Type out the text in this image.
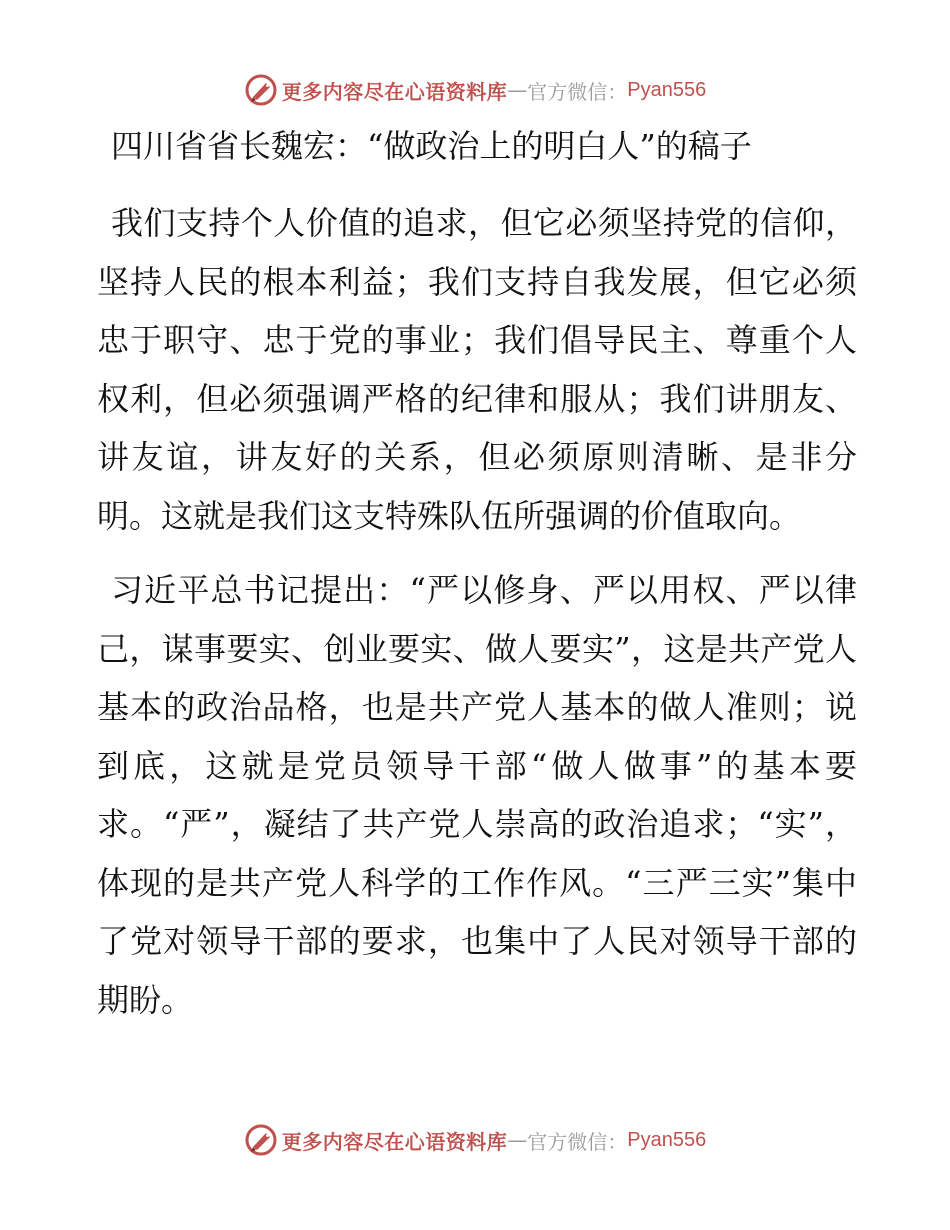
更多内容尽在心语资料库 — 官方微信： Pyan556
四川省省长魏宏：“做政治上的明白人”的稿子

我们支持个人价值的追求，但它必须坚持党的信仰，坚持人民的根本利益；我们支持自我发展，但它必须忠于职守、忠于党的事业；我们倡导民主、尊重个人权利，但必须强调严格的纪律和服从；我们讲朋友、讲友谊，讲友好的关系，但必须原则清晰、是非分明。这就是我们这支特殊队伍所强调的价值取向。

习近平总书记提出：“严以修身、严以用权、严以律己，谋事要实、创业要实、做人要实”，这是共产党人基本的政治品格，也是共产党人基本的做人准则；说到底，这就是党员领导干部“做人做事”的基本要求。“严”，凝结了共产党人崇高的政治追求；“实”，体现的是共产党人科学的工作作风。“三严三实”集中了党对领导干部的要求，也集中了人民对领导干部的期盼。

更多内容尽在心语资料库 — 官方微信： Pyan556
